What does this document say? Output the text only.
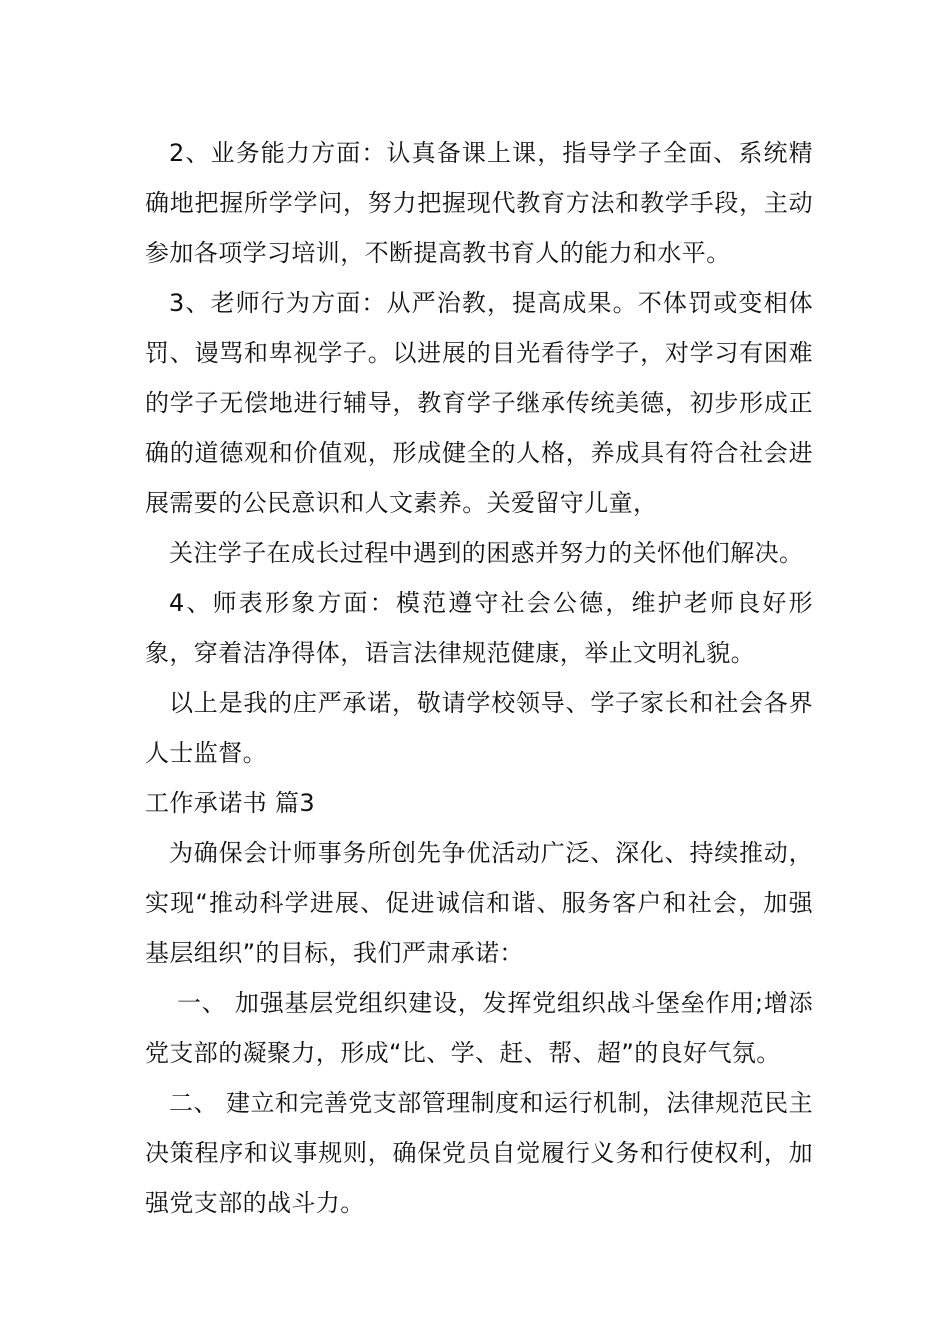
2、业务能力方面：认真备课上课，指导学子全面、系统精确地把握所学学问，努力把握现代教育方法和教学手段，主动参加各项学习培训，不断提高教书育人的能力和水平。

3、老师行为方面：从严治教，提高成果。不体罚或变相体罚、谩骂和卑视学子。以进展的目光看待学子，对学习有困难的学子无偿地进行辅导，教育学子继承传统美德，初步形成正确的道德观和价值观，形成健全的人格，养成具有符合社会进展需要的公民意识和人文素养。关爱留守儿童，

关注学子在成长过程中遇到的困惑并努力的关怀他们解决。

4、师表形象方面：模范遵守社会公德，维护老师良好形象，穿着洁净得体，语言法律规范健康，举止文明礼貌。

以上是我的庄严承诺，敬请学校领导、学子家长和社会各界人士监督。

工作承诺书 篇3

为确保会计师事务所创先争优活动广泛、深化、持续推动，实现“推动科学进展、促进诚信和谐、服务客户和社会，加强基层组织”的目标，我们严肃承诺：

一、 加强基层党组织建设，发挥党组织战斗堡垒作用;增添党支部的凝聚力，形成“比、学、赶、帮、超”的良好气氛。

二、 建立和完善党支部管理制度和运行机制，法律规范民主决策程序和议事规则，确保党员自觉履行义务和行使权利，加强党支部的战斗力。
